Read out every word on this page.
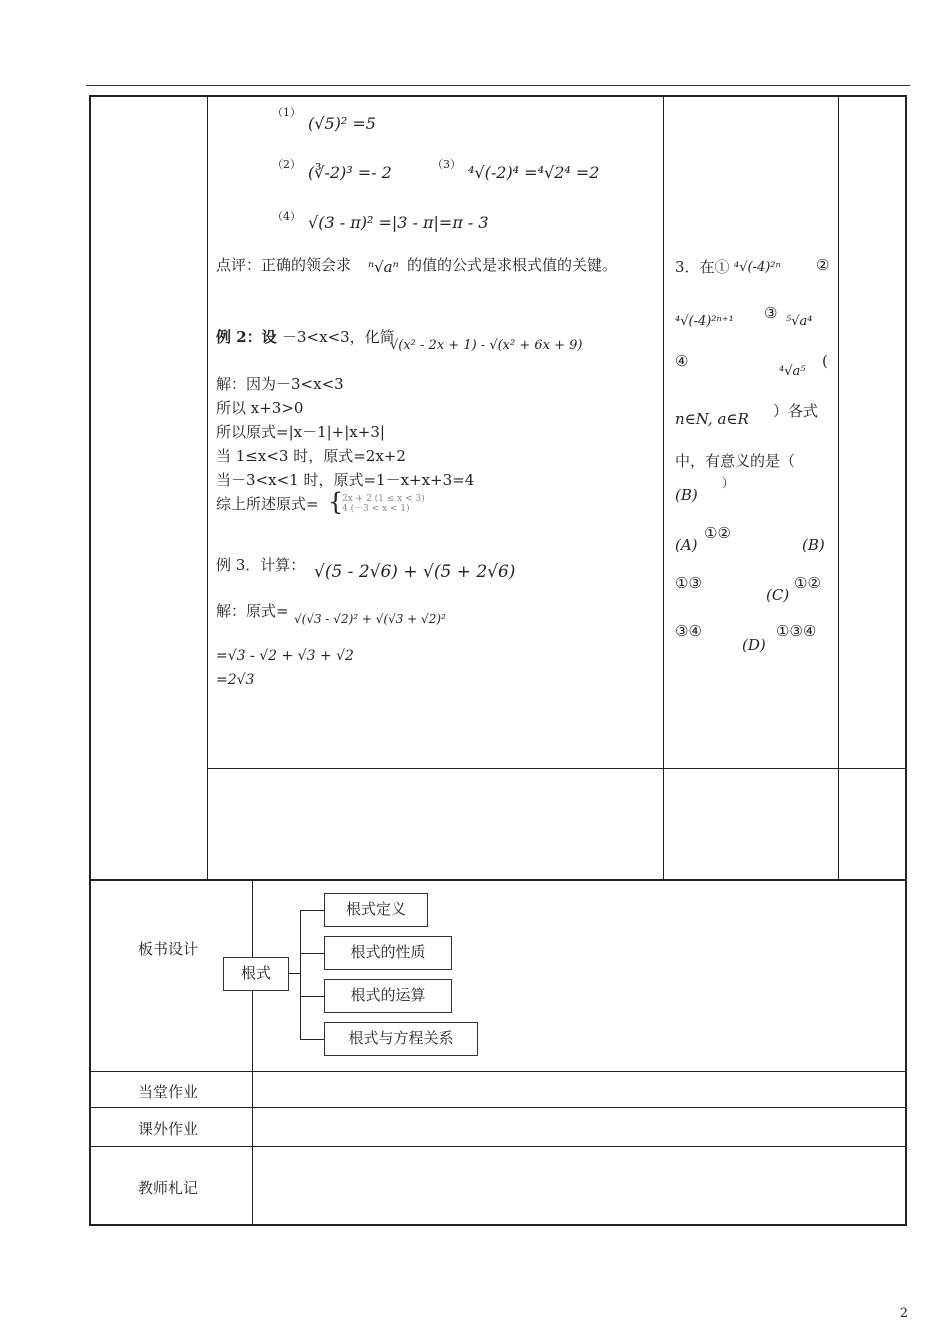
（1）
(√5)² =5
（2） (∛-2)³ =- 2	（3） ⁴√(-2)⁴ =⁴√2⁴ =2
（4） √(3 - π)² =|3 - π|=π - 3
点评：正确的领会求 ⁿ√aⁿ 的值的公式是求根式值的关键。
例 2：设 －3<x<3，化简
√(x² - 2x + 1) - √(x² + 6x + 9)
解：因为－3<x<3
所以 x+3>0
所以原式=|x－1|+|x+3|
当 1≤x<3 时，原式=2x+2
当－3<x<1 时，原式=1－x+x+3=4
综上所述原式= {
2x + 2 (1 ≤ x < 3)
4 (－3 < x < 1)
例 3．计算： √(5 - 2√6) + √(5 + 2√6)
解：原式= √(√3 - √2)² + √(√3 + √2)²
=√3 - √2 + √3 + √2
=2√3
3．在① ⁴√(-4)²ⁿ ②
⁴√(-4)²ⁿ⁺¹ ③ ⁵√a⁴
④
⁴√a⁵
(
n∈N, a∈R ）各式
中，有意义的是（
(B)
）
(A)
①②
(B)
①③
(C)
①②
③④
(D)
①③④
板书设计
根式
根式定义
根式的性质
根式的运算
根式与方程关系
当堂作业
课外作业
教师札记
2
